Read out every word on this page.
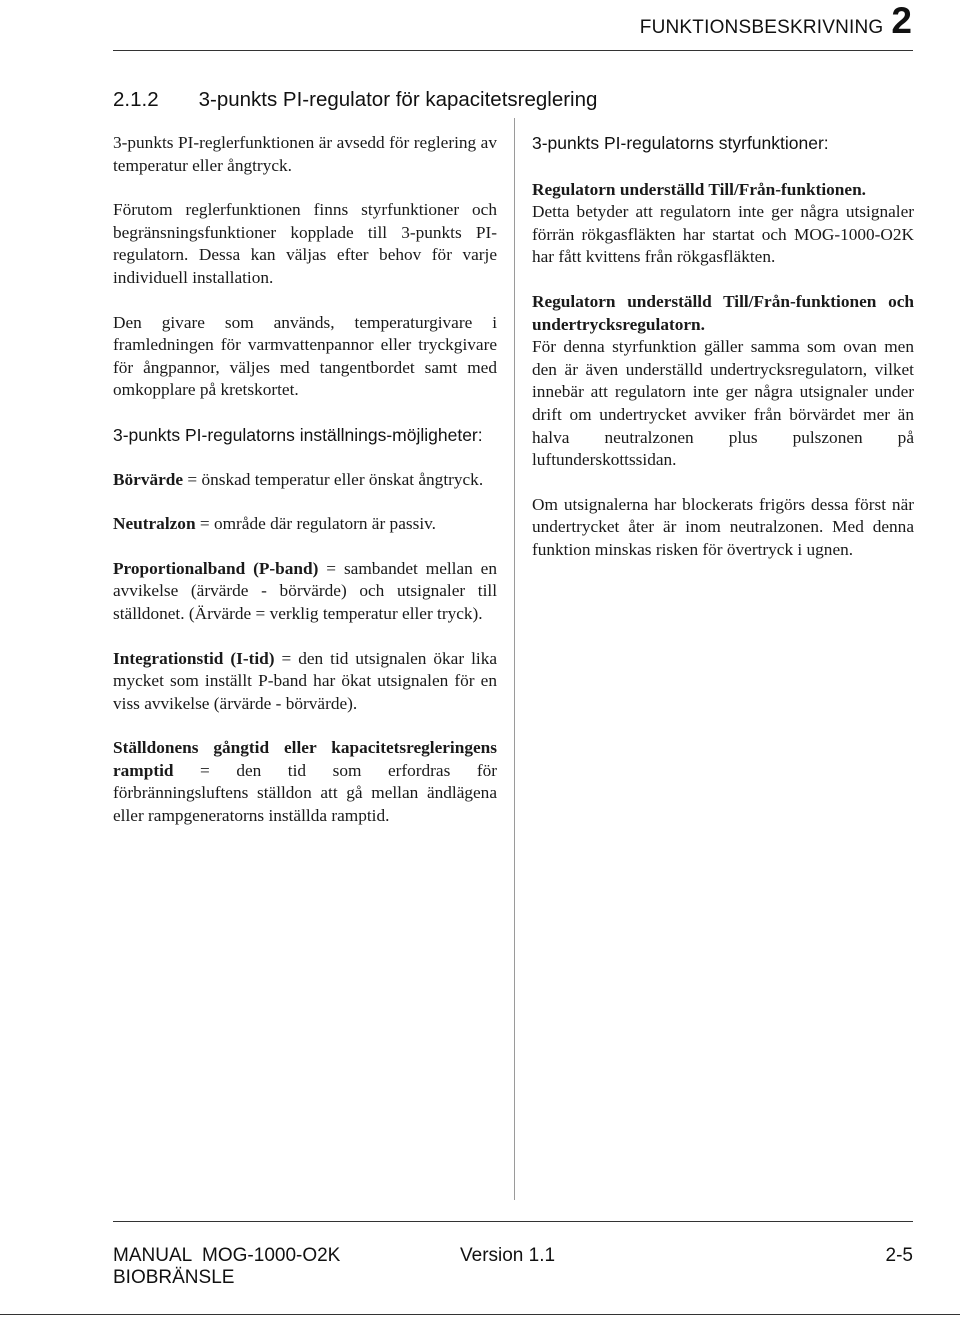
FUNKTIONSBESKRIVNING 2
2.1.2 3-punkts PI-regulator för kapacitetsreglering

3-punkts PI-reglerfunktionen är avsedd för reglering av temperatur eller ångtryck.

Förutom reglerfunktionen finns styrfunktioner och begränsningsfunktioner kopplade till 3-punkts PI-regulatorn. Dessa kan väljas efter behov för varje individuell installation.

Den givare som används, temperaturgivare i framledningen för varmvattenpannor eller tryckgivare för ångpannor, väljes med tangentbordet samt med omkopplare på kretskortet.

3-punkts PI-regulatorns inställnings-möjligheter:

Börvärde = önskad temperatur eller önskat ångtryck.

Neutralzon = område där regulatorn är passiv.

Proportionalband (P-band) = sambandet mellan en avvikelse (ärvärde - börvärde) och utsignaler till ställdonet. (Ärvärde = verklig temperatur eller tryck).

Integrationstid (I-tid) = den tid utsignalen ökar lika mycket som inställt P-band har ökat utsignalen för en viss avvikelse (ärvärde - börvärde).

Ställdonens gångtid eller kapacitetsregleringens ramptid = den tid som erfordras för förbränningsluftens ställdon att gå mellan ändlägena eller rampgeneratorns inställda ramptid.

3-punkts PI-regulatorns styrfunktioner:

Regulatorn underställd Till/Från-funktionen.
Detta betyder att regulatorn inte ger några utsignaler förrän rökgasfläkten har startat och MOG-1000-O2K har fått kvittens från rökgasfläkten.

Regulatorn underställd Till/Från-funktionen och undertrycksregulatorn.
För denna styrfunktion gäller samma som ovan men den är även underställd undertrycksregulatorn, vilket innebär att regulatorn inte ger några utsignaler under drift om undertrycket avviker från börvärdet mer än halva neutralzonen plus pulszonen på luftunderskottssidan.

Om utsignalerna har blockerats frigörs dessa först när undertrycket åter är inom neutralzonen. Med denna funktion minskas risken för övertryck i ugnen.

MANUAL  MOG-1000-O2K
BIOBRÄNSLE
Version 1.1	2-5
